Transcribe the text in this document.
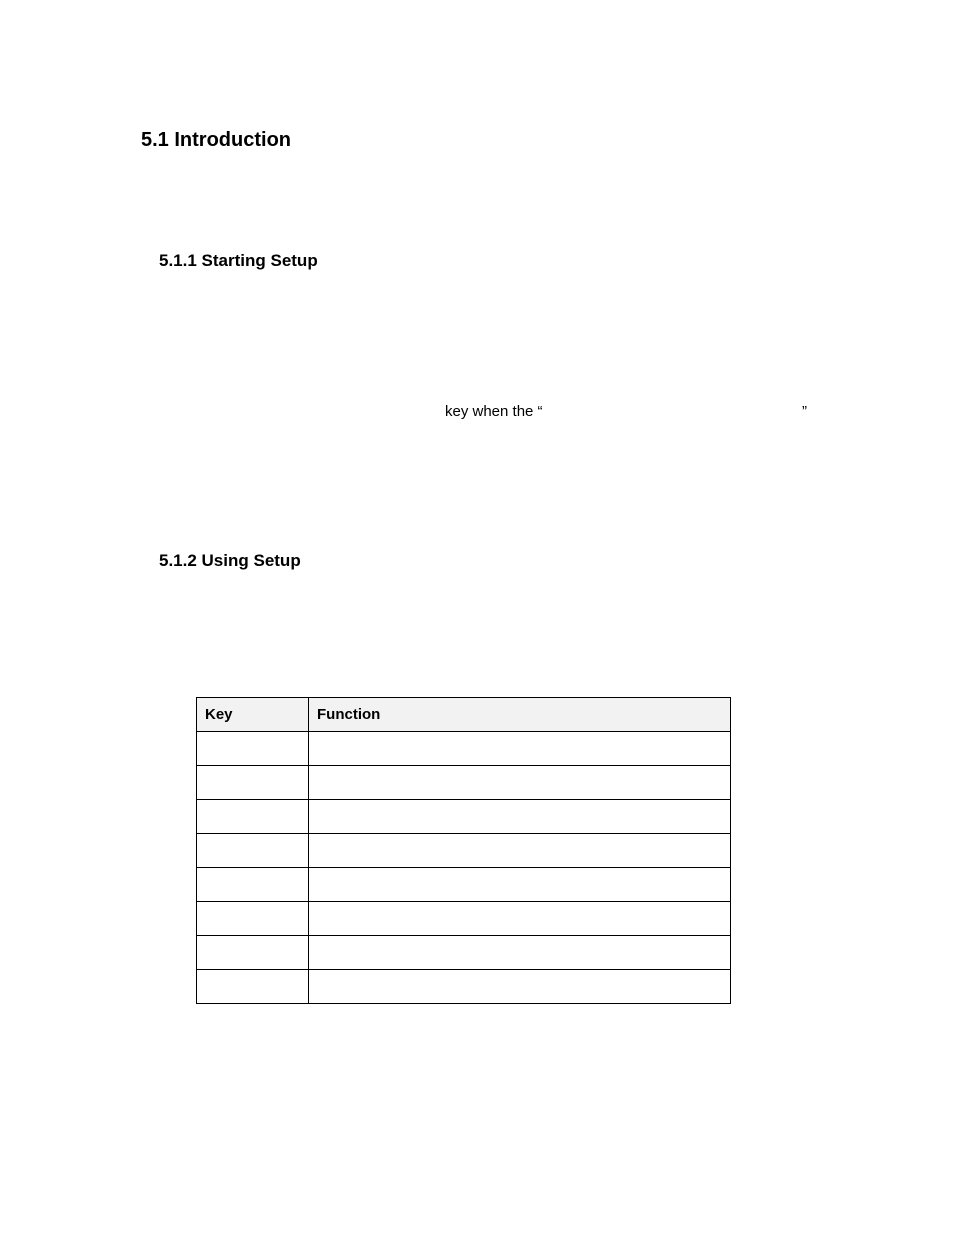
5.1 Introduction
5.1.1 Starting Setup
key when the “	”
5.1.2 Using Setup
Key	Function
